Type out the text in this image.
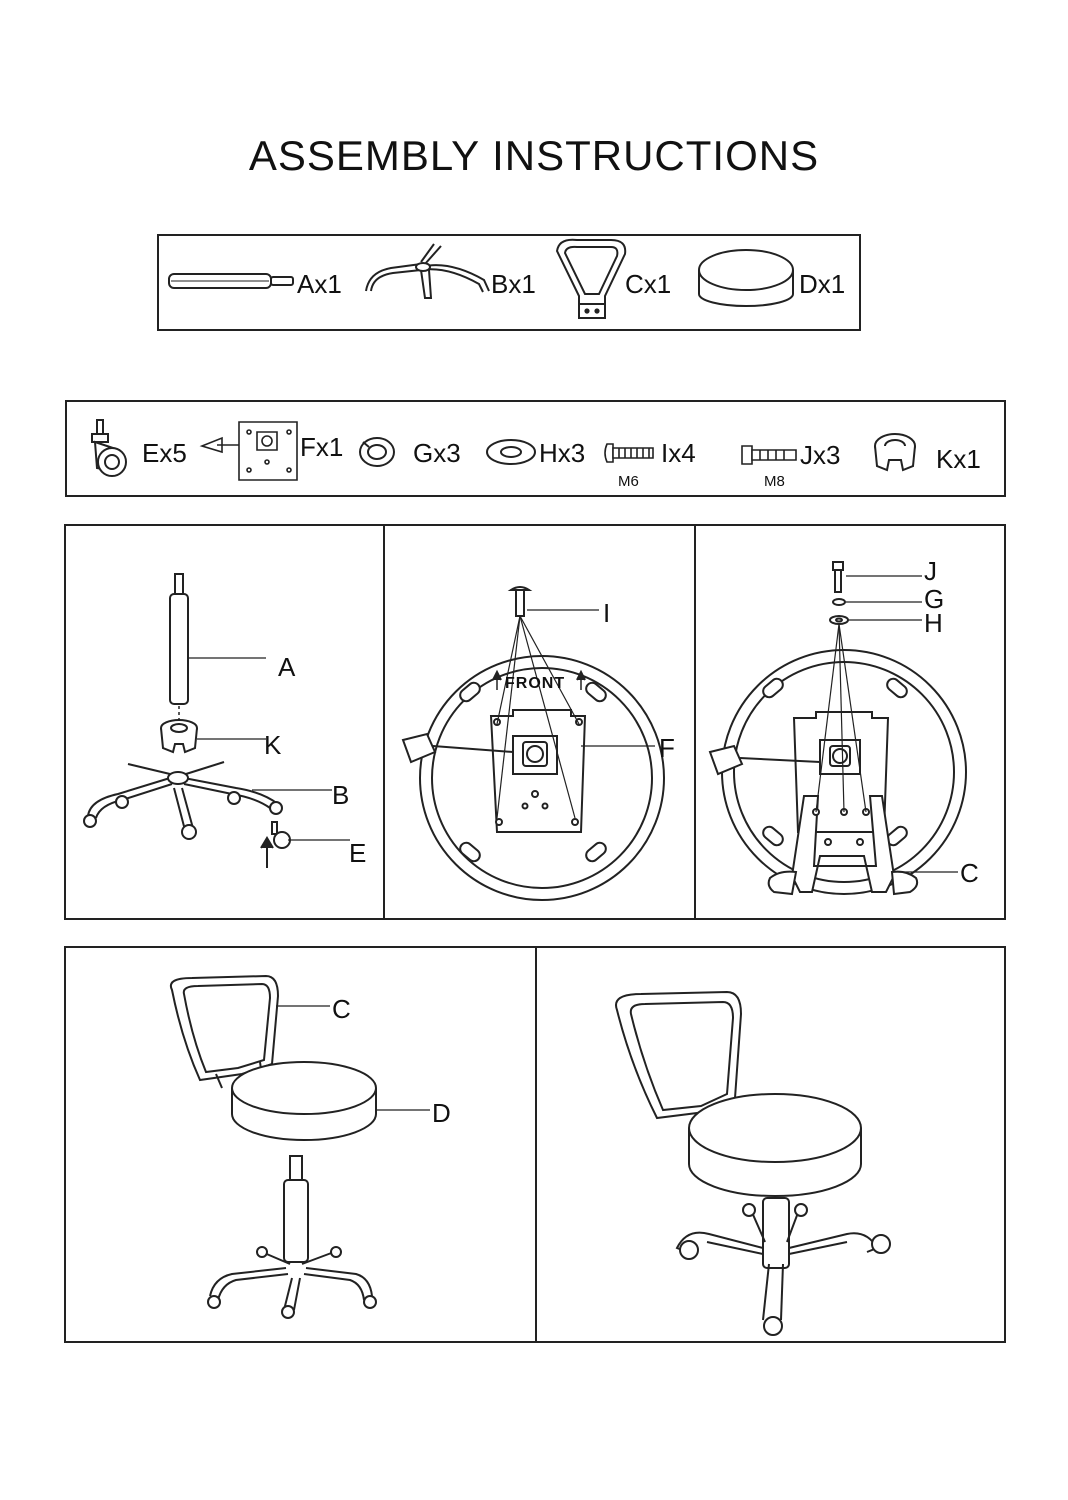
ASSEMBLY INSTRUCTIONS
Ax1	Bx1	Cx1	Dx1
Ex5	Fx1	Gx3	Hx3	Ix4
M6
Jx3
M8
Kx1
A
K
B
E
FRONT
I
F
J
G
H
C
C
D
